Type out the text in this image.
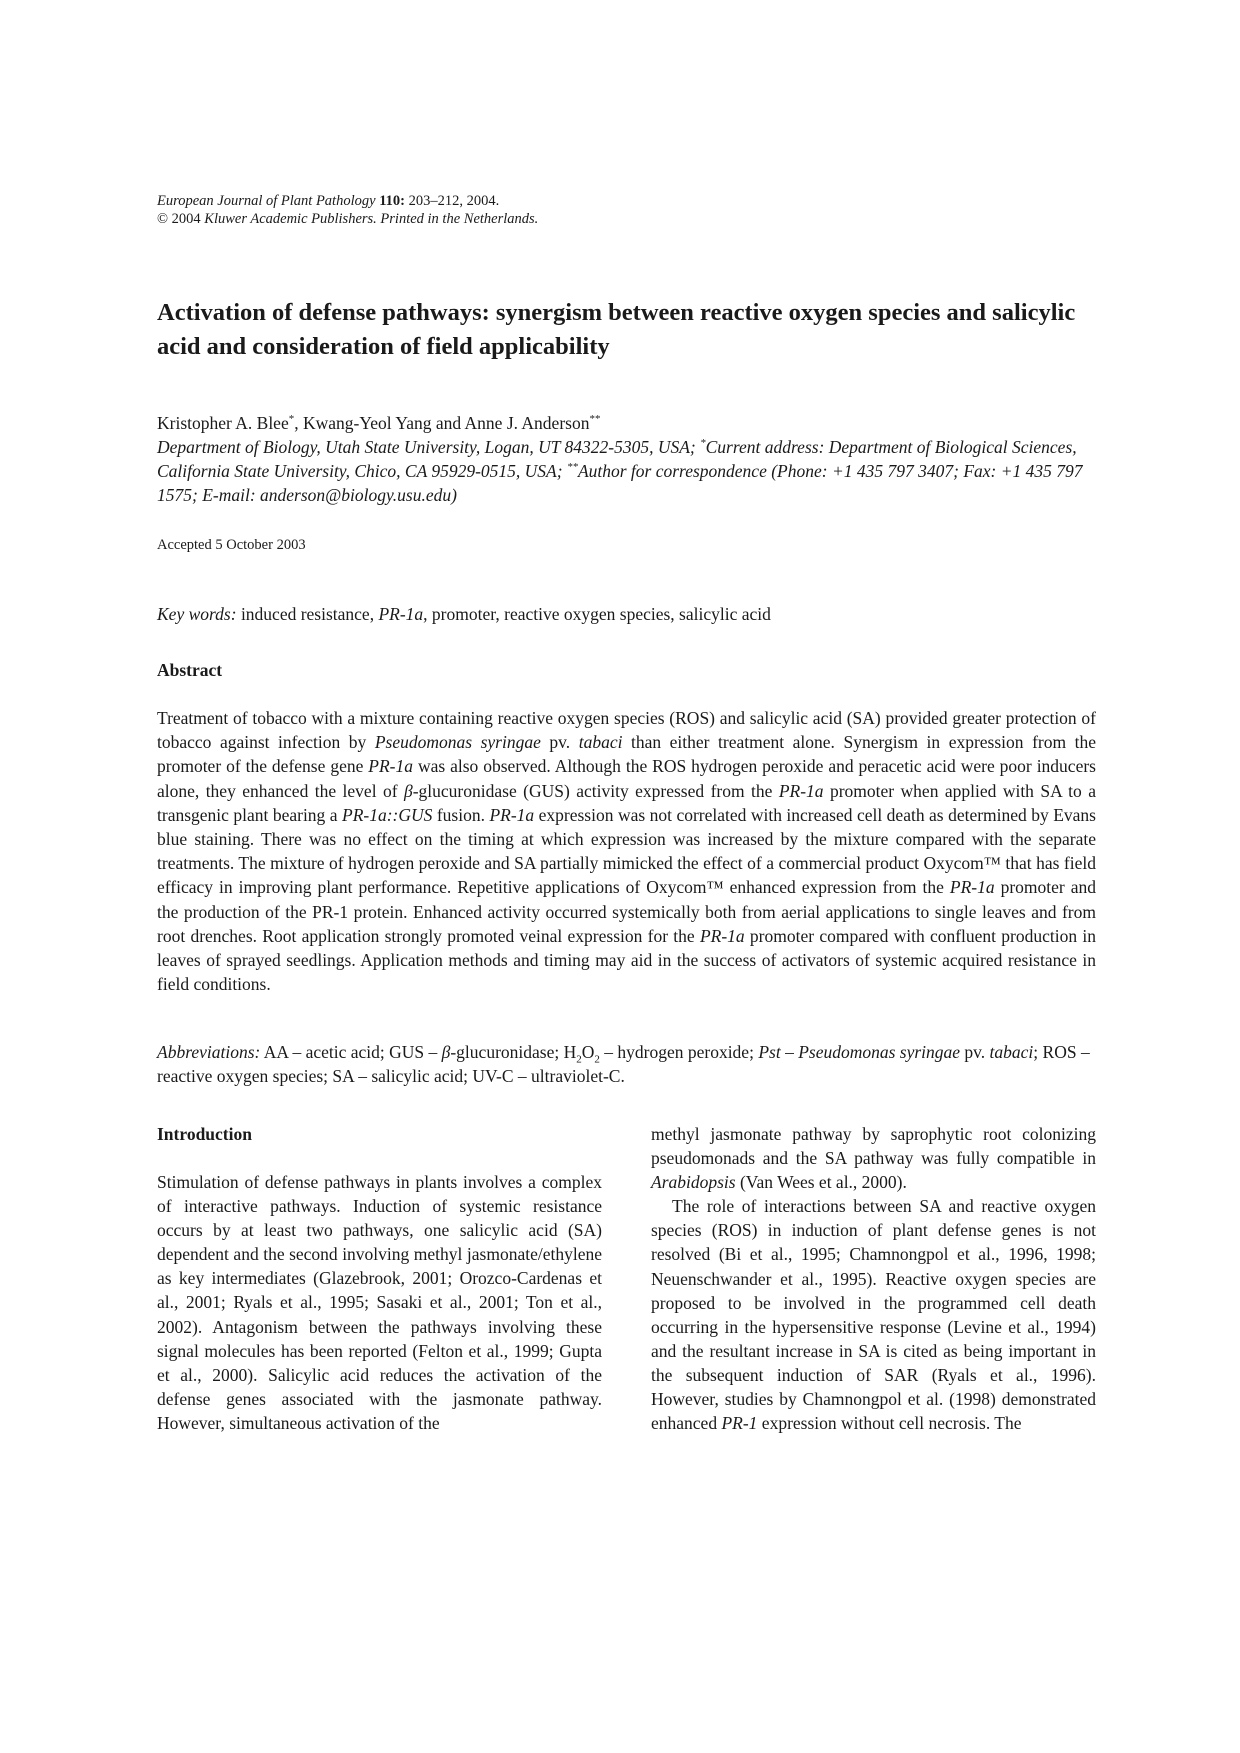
European Journal of Plant Pathology 110: 203–212, 2004.
© 2004 Kluwer Academic Publishers. Printed in the Netherlands.
Activation of defense pathways: synergism between reactive oxygen species and salicylic acid and consideration of field applicability
Kristopher A. Blee*, Kwang-Yeol Yang and Anne J. Anderson**
Department of Biology, Utah State University, Logan, UT 84322-5305, USA; *Current address: Department of Biological Sciences, California State University, Chico, CA 95929-0515, USA; **Author for correspondence (Phone: +1 435 797 3407; Fax: +1 435 797 1575; E-mail: anderson@biology.usu.edu)
Accepted 5 October 2003
Key words: induced resistance, PR-1a, promoter, reactive oxygen species, salicylic acid
Abstract
Treatment of tobacco with a mixture containing reactive oxygen species (ROS) and salicylic acid (SA) provided greater protection of tobacco against infection by Pseudomonas syringae pv. tabaci than either treatment alone. Synergism in expression from the promoter of the defense gene PR-1a was also observed. Although the ROS hydrogen peroxide and peracetic acid were poor inducers alone, they enhanced the level of β-glucuronidase (GUS) activity expressed from the PR-1a promoter when applied with SA to a transgenic plant bearing a PR-1a::GUS fusion. PR-1a expression was not correlated with increased cell death as determined by Evans blue staining. There was no effect on the timing at which expression was increased by the mixture compared with the separate treatments. The mixture of hydrogen peroxide and SA partially mimicked the effect of a commercial product Oxycom™ that has field efficacy in improving plant performance. Repetitive applications of Oxycom™ enhanced expression from the PR-1a promoter and the production of the PR-1 protein. Enhanced activity occurred systemically both from aerial applications to single leaves and from root drenches. Root application strongly promoted veinal expression for the PR-1a promoter compared with confluent production in leaves of sprayed seedlings. Application methods and timing may aid in the success of activators of systemic acquired resistance in field conditions.
Abbreviations: AA – acetic acid; GUS – β-glucuronidase; $H_2O_2$ – hydrogen peroxide; Pst – Pseudomonas syringae pv. tabaci; ROS – reactive oxygen species; SA – salicylic acid; UV-C – ultraviolet-C.
Introduction
Stimulation of defense pathways in plants involves a complex of interactive pathways. Induction of systemic resistance occurs by at least two pathways, one salicylic acid (SA) dependent and the second involving methyl jasmonate/ethylene as key intermediates (Glazebrook, 2001; Orozco-Cardenas et al., 2001; Ryals et al., 1995; Sasaki et al., 2001; Ton et al., 2002). Antagonism between the pathways involving these signal molecules has been reported (Felton et al., 1999; Gupta et al., 2000). Salicylic acid reduces the activation of the defense genes associated with the jasmonate pathway. However, simultaneous activation of the

methyl jasmonate pathway by saprophytic root colonizing pseudomonads and the SA pathway was fully compatible in Arabidopsis (Van Wees et al., 2000).

The role of interactions between SA and reactive oxygen species (ROS) in induction of plant defense genes is not resolved (Bi et al., 1995; Chamnongpol et al., 1996, 1998; Neuenschwander et al., 1995). Reactive oxygen species are proposed to be involved in the programmed cell death occurring in the hypersensitive response (Levine et al., 1994) and the resultant increase in SA is cited as being important in the subsequent induction of SAR (Ryals et al., 1996). However, studies by Chamnongpol et al. (1998) demonstrated enhanced PR-1 expression without cell necrosis. The
